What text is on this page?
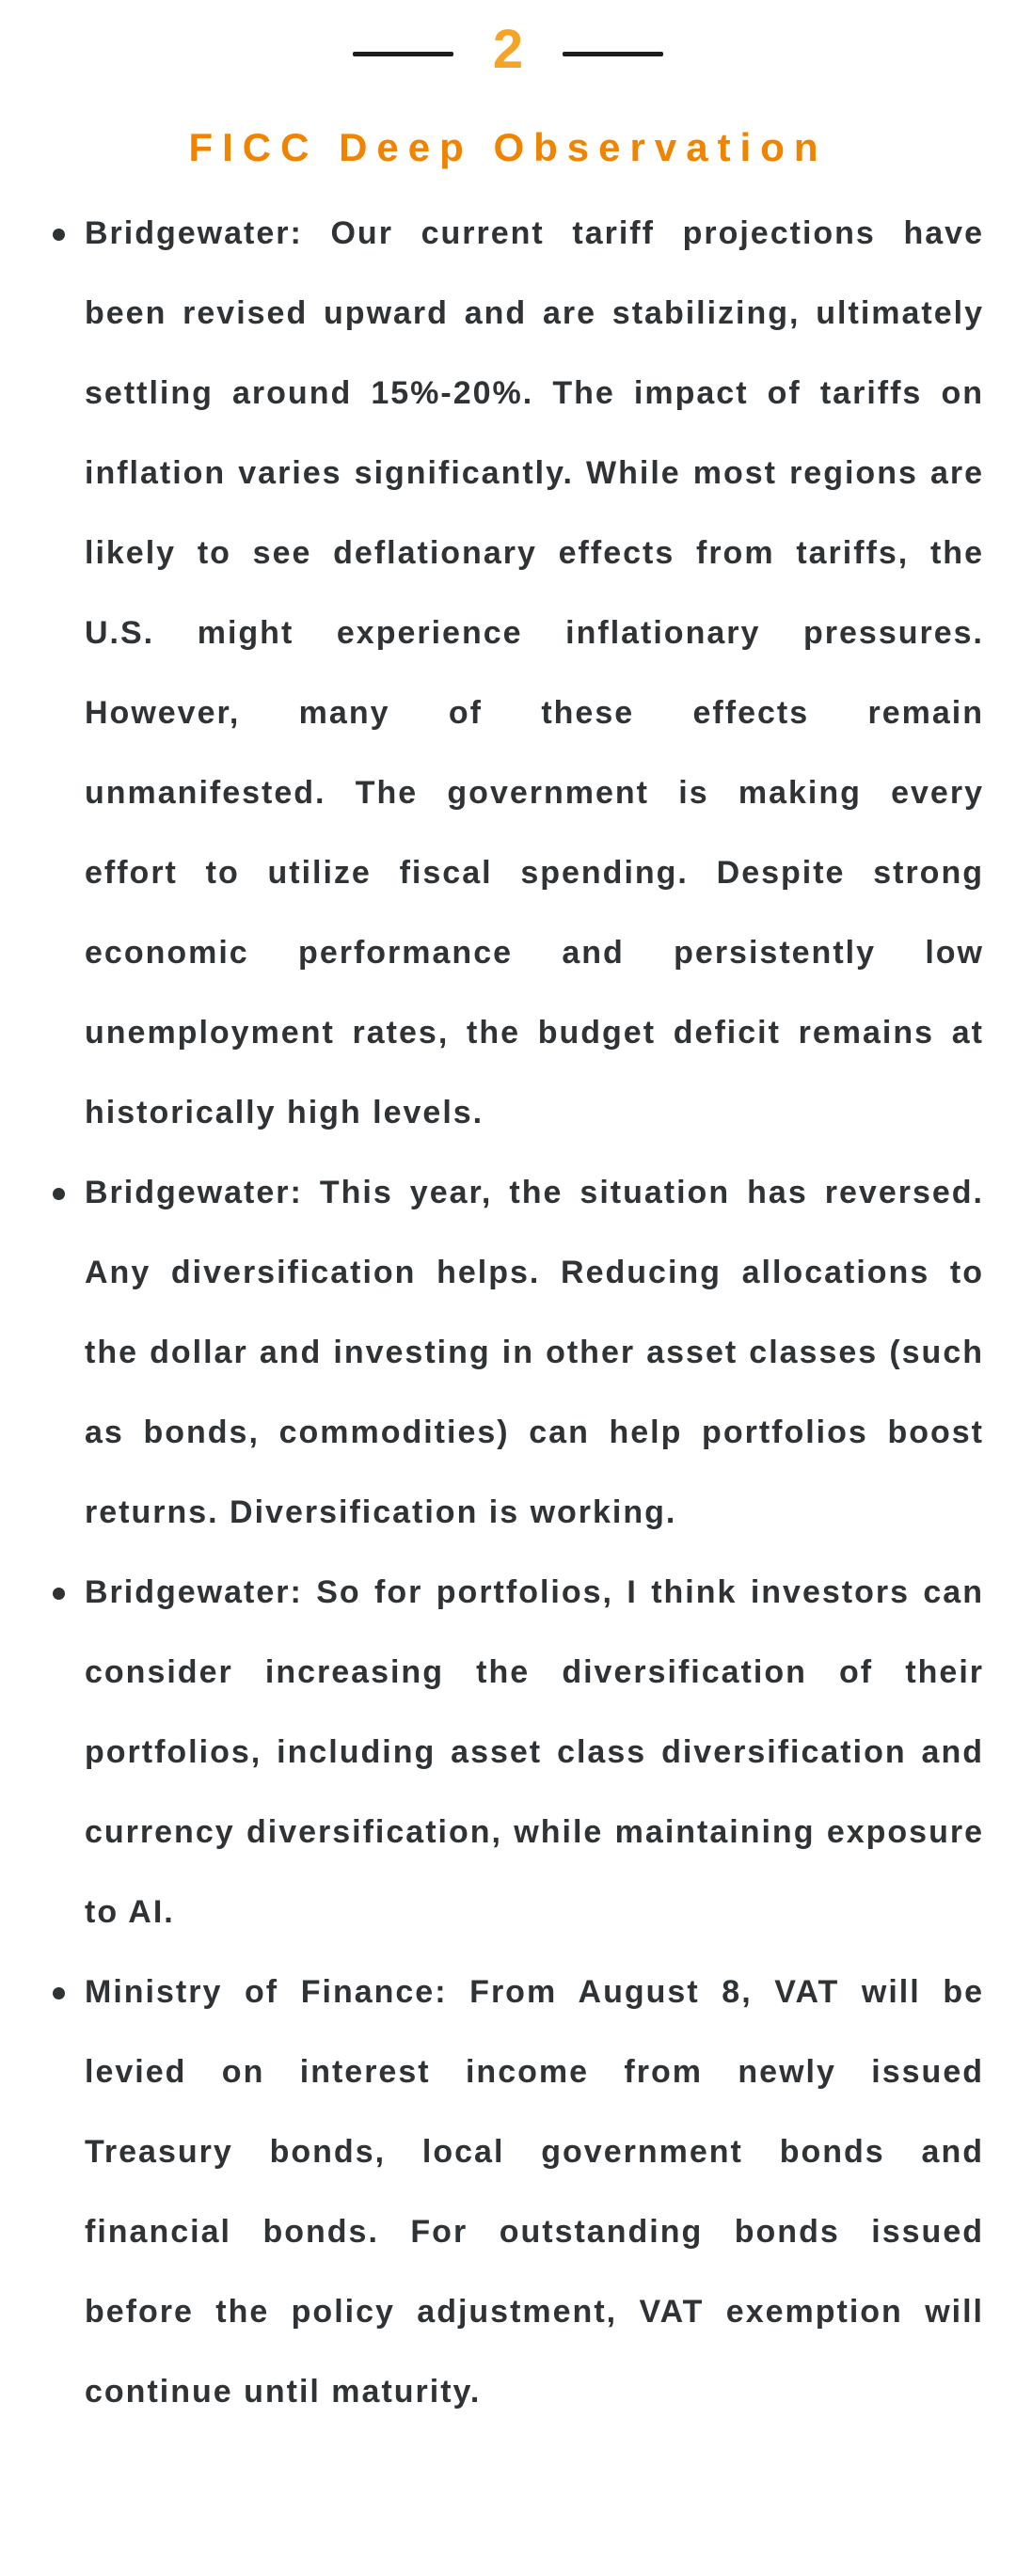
2
FICC Deep Observation
Bridgewater: Our current tariff projections have been revised upward and are stabilizing, ultimately settling around 15%-20%. The impact of tariffs on inflation varies significantly. While most regions are likely to see deflationary effects from tariffs, the U.S. might experience inflationary pressures. However, many of these effects remain unmanifested. The government is making every effort to utilize fiscal spending. Despite strong economic performance and persistently low unemployment rates, the budget deficit remains at historically high levels.
Bridgewater: This year, the situation has reversed. Any diversification helps. Reducing allocations to the dollar and investing in other asset classes (such as bonds, commodities) can help portfolios boost returns. Diversification is working.
Bridgewater: So for portfolios, I think investors can consider increasing the diversification of their portfolios, including asset class diversification and currency diversification, while maintaining exposure to AI.
Ministry of Finance: From August 8, VAT will be levied on interest income from newly issued Treasury bonds, local government bonds and financial bonds. For outstanding bonds issued before the policy adjustment, VAT exemption will continue until maturity.
